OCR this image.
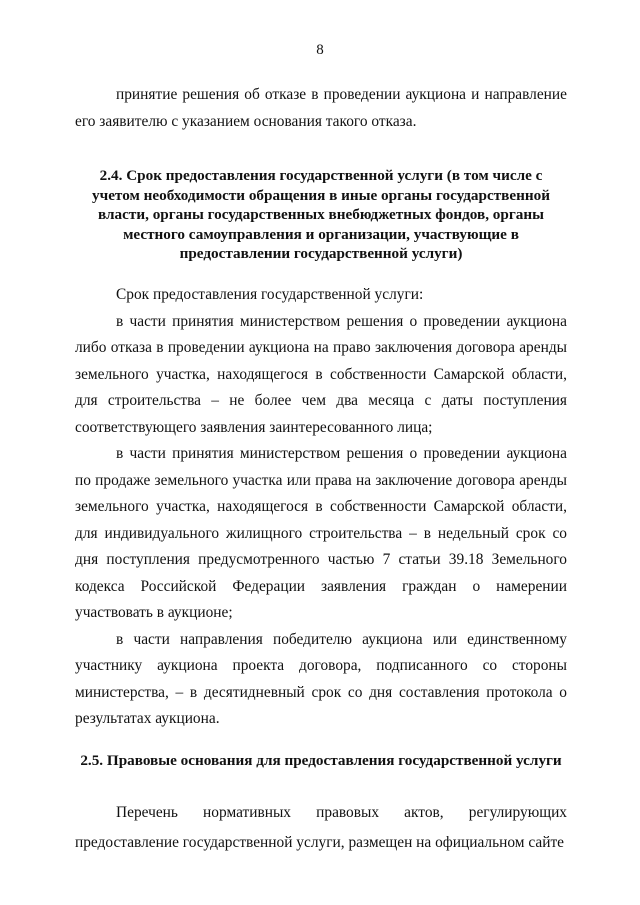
8

принятие решения об отказе в проведении аукциона и направление его заявителю с указанием основания такого отказа.

2.4. Срок предоставления государственной услуги (в том числе с учетом необходимости обращения в иные органы государственной власти, органы государственных внебюджетных фондов, органы местного самоуправления и организации, участвующие в предоставлении государственной услуги)

Срок предоставления государственной услуги:

в части принятия министерством решения о проведении аукциона либо отказа в проведении аукциона на право заключения договора аренды земельного участка, находящегося в собственности Самарской области, для строительства – не более чем два месяца с даты поступления соответствующего заявления заинтересованного лица;

в части принятия министерством решения о проведении аукциона по продаже земельного участка или права на заключение договора аренды земельного участка, находящегося в собственности Самарской области, для индивидуального жилищного строительства – в недельный срок со дня поступления предусмотренного частью 7 статьи 39.18 Земельного кодекса Российской Федерации заявления граждан о намерении участвовать в аукционе;

в части направления победителю аукциона или единственному участнику аукциона проекта договора, подписанного со стороны министерства, – в десятидневный срок со дня составления протокола о результатах аукциона.

2.5. Правовые основания для предоставления государственной услуги

Перечень нормативных правовых актов, регулирующих предоставление государственной услуги, размещен на официальном сайте
